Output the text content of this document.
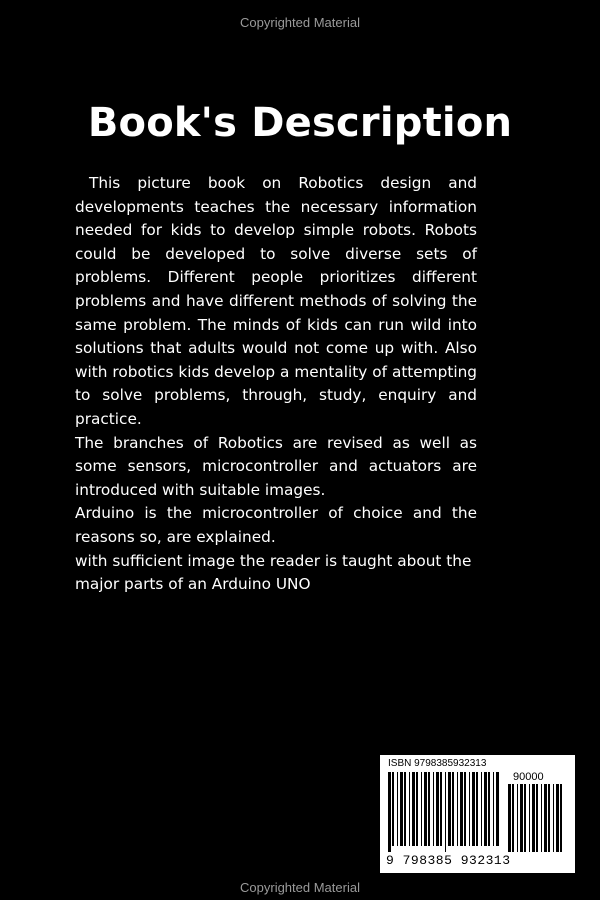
Copyrighted Material
Book's Description

This picture book on Robotics design and developments teaches the necessary information needed for kids to develop simple robots. Robots could be developed to solve diverse sets of problems. Different people prioritizes different problems and have different methods of solving the same problem. The minds of kids can run wild into solutions that adults would not come up with. Also with robotics kids develop a mentality of attempting to solve problems, through, study, enquiry and practice.

The branches of Robotics are revised as well as some sensors, microcontroller and actuators are introduced with suitable images.

Arduino is the microcontroller of choice and the reasons so, are explained.

with sufficient image the reader is taught about the major parts of an Arduino UNO

ISBN 9798385932313
90000
9 798385 932313
Copyrighted Material
